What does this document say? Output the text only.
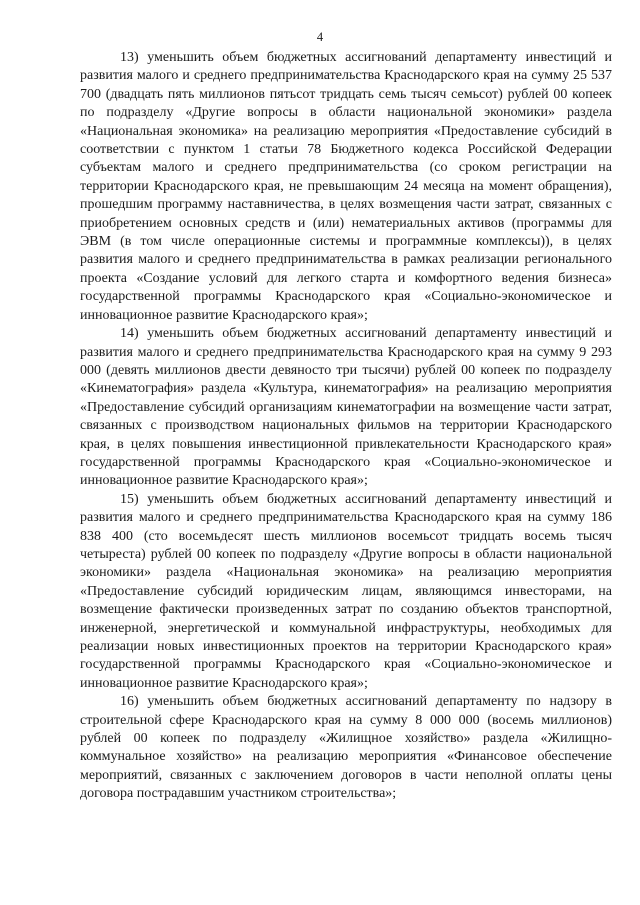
4

13) уменьшить объем бюджетных ассигнований департаменту инвестиций и развития малого и среднего предпринимательства Краснодарского края на сумму 25 537 700 (двадцать пять миллионов пятьсот тридцать семь тысяч семьсот) рублей 00 копеек по подразделу «Другие вопросы в области национальной экономики» раздела «Национальная экономика» на реализацию мероприятия «Предоставление субсидий в соответствии с пунктом 1 статьи 78 Бюджетного кодекса Российской Федерации субъектам малого и среднего предпринимательства (со сроком регистрации на территории Краснодарского края, не превышающим 24 месяца на момент обращения), прошедшим программу наставничества, в целях возмещения части затрат, связанных с приобретением основных средств и (или) нематериальных активов (программы для ЭВМ (в том числе операционные системы и программные комплексы)), в целях развития малого и среднего предпринимательства в рамках реализации регионального проекта «Создание условий для легкого старта и комфортного ведения бизнеса» государственной программы Краснодарского края «Социально-экономическое и инновационное развитие Краснодарского края»;

14) уменьшить объем бюджетных ассигнований департаменту инвестиций и развития малого и среднего предпринимательства Краснодарского края на сумму 9 293 000 (девять миллионов двести девяносто три тысячи) рублей 00 копеек по подразделу «Кинематография» раздела «Культура, кинематография» на реализацию мероприятия «Предоставление субсидий организациям кинематографии на возмещение части затрат, связанных с производством национальных фильмов на территории Краснодарского края, в целях повышения инвестиционной привлекательности Краснодарского края» государственной программы Краснодарского края «Социально-экономическое и инновационное развитие Краснодарского края»;

15) уменьшить объем бюджетных ассигнований департаменту инвестиций и развития малого и среднего предпринимательства Краснодарского края на сумму 186 838 400 (сто восемьдесят шесть миллионов восемьсот тридцать восемь тысяч четыреста) рублей 00 копеек по подразделу «Другие вопросы в области национальной экономики» раздела «Национальная экономика» на реализацию мероприятия «Предоставление субсидий юридическим лицам, являющимся инвесторами, на возмещение фактически произведенных затрат по созданию объектов транспортной, инженерной, энергетической и коммунальной инфраструктуры, необходимых для реализации новых инвестиционных проектов на территории Краснодарского края» государственной программы Краснодарского края «Социально-экономическое и инновационное развитие Краснодарского края»;

16) уменьшить объем бюджетных ассигнований департаменту по надзору в строительной сфере Краснодарского края на сумму 8 000 000 (восемь миллионов) рублей 00 копеек по подразделу «Жилищное хозяйство» раздела «Жилищно-коммунальное хозяйство» на реализацию мероприятия «Финансовое обеспечение мероприятий, связанных с заключением договоров в части неполной оплаты цены договора пострадавшим участником строительства»;
